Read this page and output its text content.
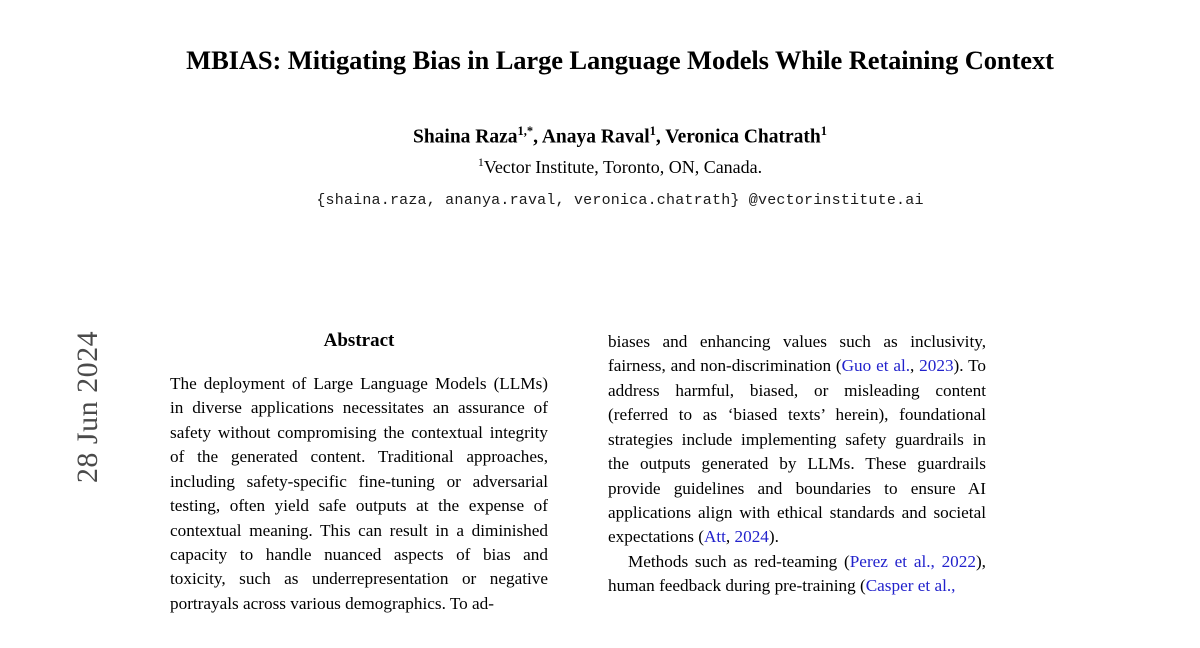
28 Jun 2024
MBIAS: Mitigating Bias in Large Language Models While Retaining Context
Shaina Raza$^{1,*}$, Anaya Raval$^1$, Veronica Chatrath$^1$
$^1$Vector Institute, Toronto, ON, Canada.
{shaina.raza, ananya.raval, veronica.chatrath} @vectorinstitute.ai
Abstract

The deployment of Large Language Models (LLMs) in diverse applications necessitates an assurance of safety without compromising the contextual integrity of the generated content. Traditional approaches, including safety-specific fine-tuning or adversarial testing, often yield safe outputs at the expense of contextual meaning. This can result in a diminished capacity to handle nuanced aspects of bias and toxicity, such as underrepresentation or negative portrayals across various demographics. To ad-

biases and enhancing values such as inclusivity, fairness, and non-discrimination (Guo et al., 2023). To address harmful, biased, or misleading content (referred to as ‘biased texts’ herein), foundational strategies include implementing safety guardrails in the outputs generated by LLMs. These guardrails provide guidelines and boundaries to ensure AI applications align with ethical standards and societal expectations (Att, 2024).

Methods such as red-teaming (Perez et al., 2022), human feedback during pre-training (Casper et al.,
